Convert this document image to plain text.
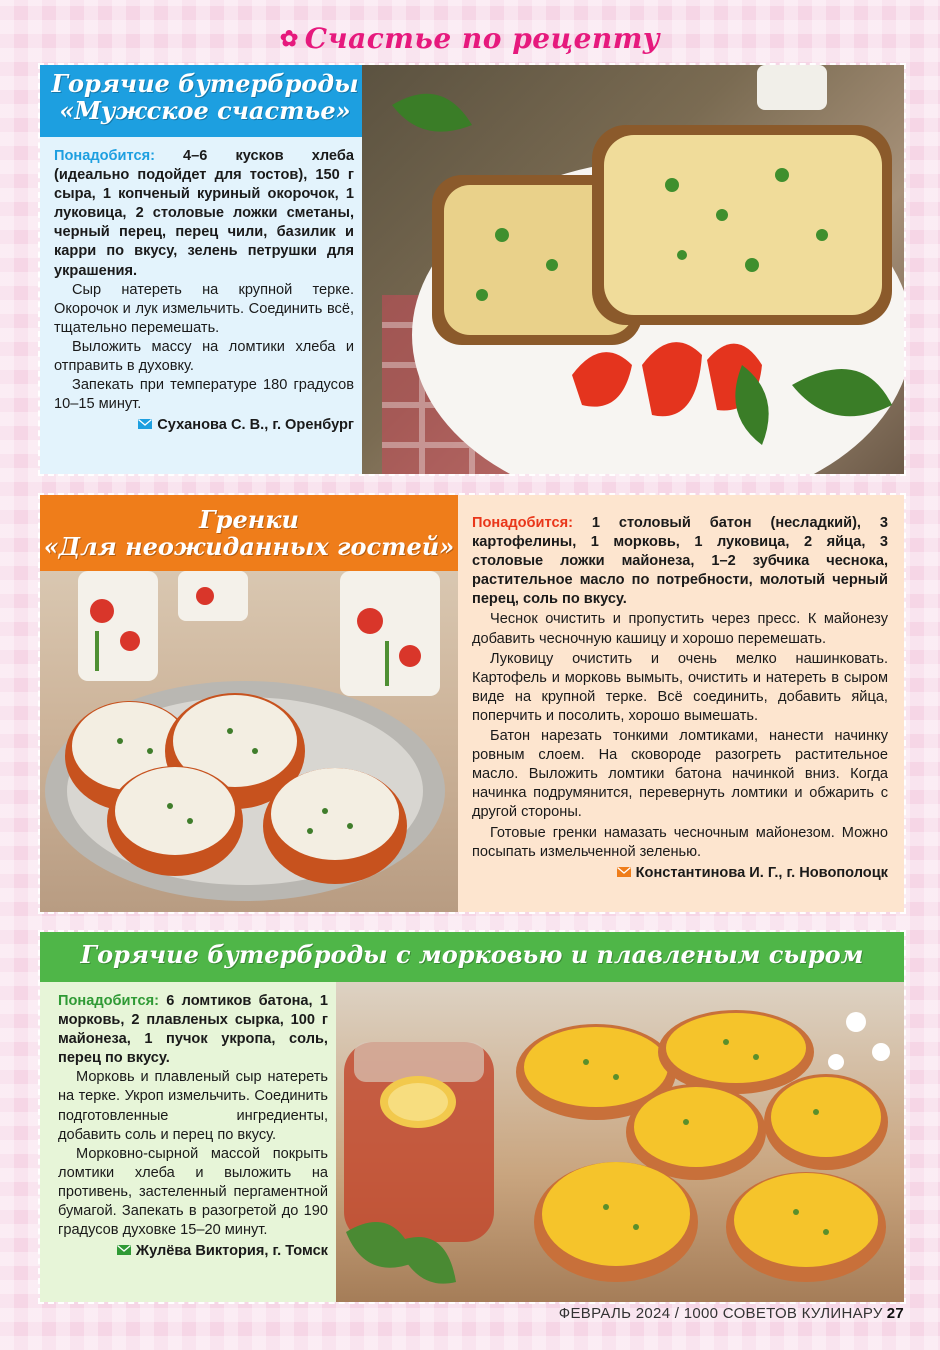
✿ Счастье по рецепту
Горячие бутерброды
«Мужское счастье»

Понадобится: 4–6 кусков хлеба (идеально подойдет для тостов), 150 г сыра, 1 копченый куриный окорочок, 1 луковица, 2 столовые ложки сметаны, черный перец, перец чили, базилик и карри по вкусу, зелень петрушки для украшения.

Сыр натереть на крупной терке. Окорочок и лук измельчить. Соединить всё, тщательно перемешать.

Выложить массу на ломтики хлеба и отправить в духовку.

Запекать при температуре 180 градусов 10–15 минут.

Суханова С. В., г. Оренбург
Гренки
«Для неожиданных гостей»

Понадобится: 1 столовый батон (несладкий), 3 картофелины, 1 морковь, 1 луковица, 2 яйца, 3 столовые ложки майонеза, 1–2 зубчика чеснока, растительное масло по потребности, молотый черный перец, соль по вкусу.

Чеснок очистить и пропустить через пресс. К майонезу добавить чесночную кашицу и хорошо перемешать.

Луковицу очистить и очень мелко нашинковать. Картофель и морковь вымыть, очистить и натереть в сыром виде на крупной терке. Всё соединить, добавить яйца, поперчить и посолить, хорошо вымешать.

Батон нарезать тонкими ломтиками, нанести начинку ровным слоем. На сковороде разогреть растительное масло. Выложить ломтики батона начинкой вниз. Когда начинка подрумянится, перевернуть ломтики и обжарить с другой стороны.

Готовые гренки намазать чесночным майонезом. Можно посыпать измельченной зеленью.

Константинова И. Г., г. Новополоцк
Горячие бутерброды с морковью и плавленым сыром

Понадобится: 6 ломтиков батона, 1 морковь, 2 плавленых сырка, 100 г майонеза, 1 пучок укропа, соль, перец по вкусу.

Морковь и плавленый сыр натереть на терке. Укроп измельчить. Соединить подготовленные ингредиенты, добавить соль и перец по вкусу.

Морковно-сырной массой покрыть ломтики хлеба и выложить на противень, застеленный пергаментной бумагой. Запекать в разогретой до 190 градусов духовке 15–20 минут.

Жулёва Виктория, г. Томск
ФЕВРАЛЬ 2024 / 1000 СОВЕТОВ КУЛИНАРУ 27
